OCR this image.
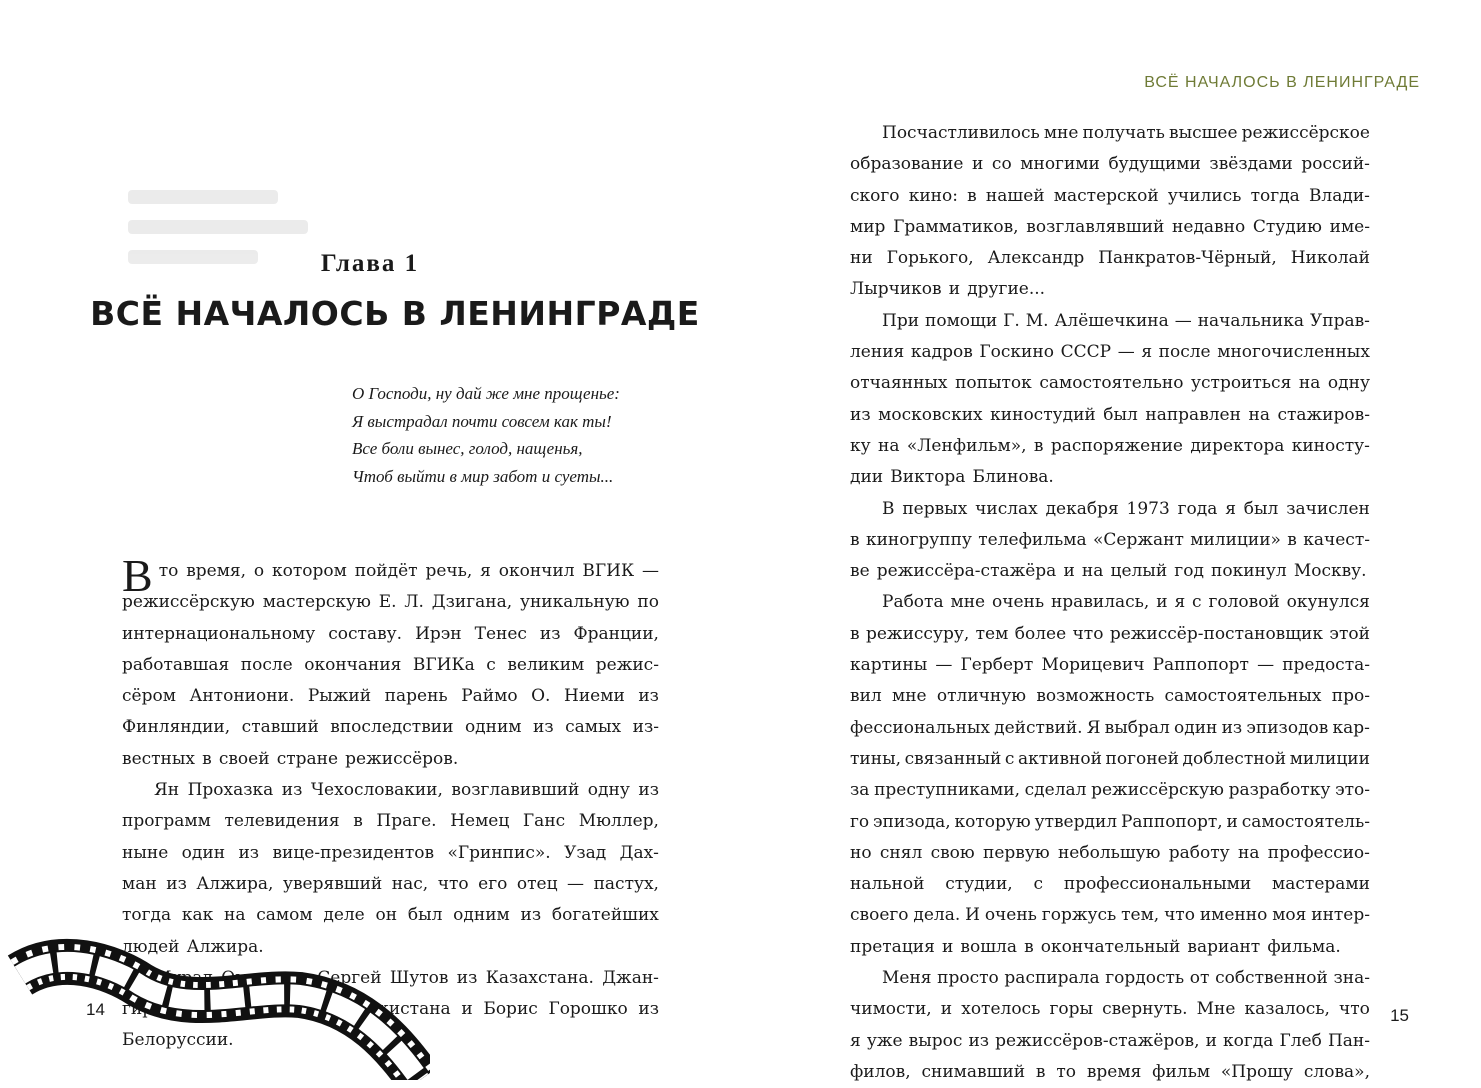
Глава 1
ВСЁ НАЧАЛОСЬ В ЛЕНИНГРАДЕ
О Господи, ну дай же мне прощенье:
Я выстрадал почти совсем как ты!
Все боли вынес, голод, нащенья,
Чтоб выйти в мир забот и суеты...
В то время, о котором пойдёт речь, я окончил ВГИК —
режиссёрскую мастерскую Е. Л. Дзигана, уникальную по
интернациональному составу. Ирэн Тенес из Франции,
работавшая после окончания ВГИКа с великим режис-
сёром Антониони. Рыжий парень Раймо О. Ниеми из
Финляндии, ставший впоследствии одним из самых из-
вестных в своей стране режиссёров.
Ян Прохазка из Чехословакии, возглавивший одну из
программ телевидения в Праге. Немец Ганс Мюллер,
ныне один из вице-президентов «Гринпис». Узад Дах-
ман из Алжира, уверявший нас, что его отец — пастух,
тогда как на самом деле он был одним из богатейших
людей Алжира.
Мурад Оморов и Сергей Шутов из Казахстана. Джан-
гир Шахмурадов из Таджикистана и Борис Горошко из
Белоруссии.
14
ВСЁ НАЧАЛОСЬ В ЛЕНИНГРАДЕ
15
Посчастливилось мне получать высшее режиссёрское
образование и со многими будущими звёздами россий-
ского кино: в нашей мастерской учились тогда Влади-
мир Грамматиков, возглавлявший недавно Студию име-
ни Горького, Александр Панкратов-Чёрный, Николай
Лырчиков и другие...
При помощи Г. М. Алёшечкина — начальника Управ-
ления кадров Госкино СССР — я после многочисленных
отчаянных попыток самостоятельно устроиться на одну
из московских киностудий был направлен на стажиров-
ку на «Ленфильм», в распоряжение директора киносту-
дии Виктора Блинова.
В первых числах декабря 1973 года я был зачислен
в киногруппу телефильма «Сержант милиции» в качест-
ве режиссёра-стажёра и на целый год покинул Москву.
Работа мне очень нравилась, и я с головой окунулся
в режиссуру, тем более что режиссёр-постановщик этой
картины — Герберт Морицевич Раппопорт — предоста-
вил мне отличную возможность самостоятельных про-
фессиональных действий. Я выбрал один из эпизодов кар-
тины, связанный с активной погоней доблестной милиции
за преступниками, сделал режиссёрскую разработку это-
го эпизода, которую утвердил Раппопорт, и самостоятель-
но снял свою первую небольшую работу на профессио-
нальной студии, с профессиональными мастерами
своего дела. И очень горжусь тем, что именно моя интер-
претация и вошла в окончательный вариант фильма.
Меня просто распирала гордость от собственной зна-
чимости, и хотелось горы свернуть. Мне казалось, что
я уже вырос из режиссёров-стажёров, и когда Глеб Пан-
филов, снимавший в то время фильм «Прошу слова»,
